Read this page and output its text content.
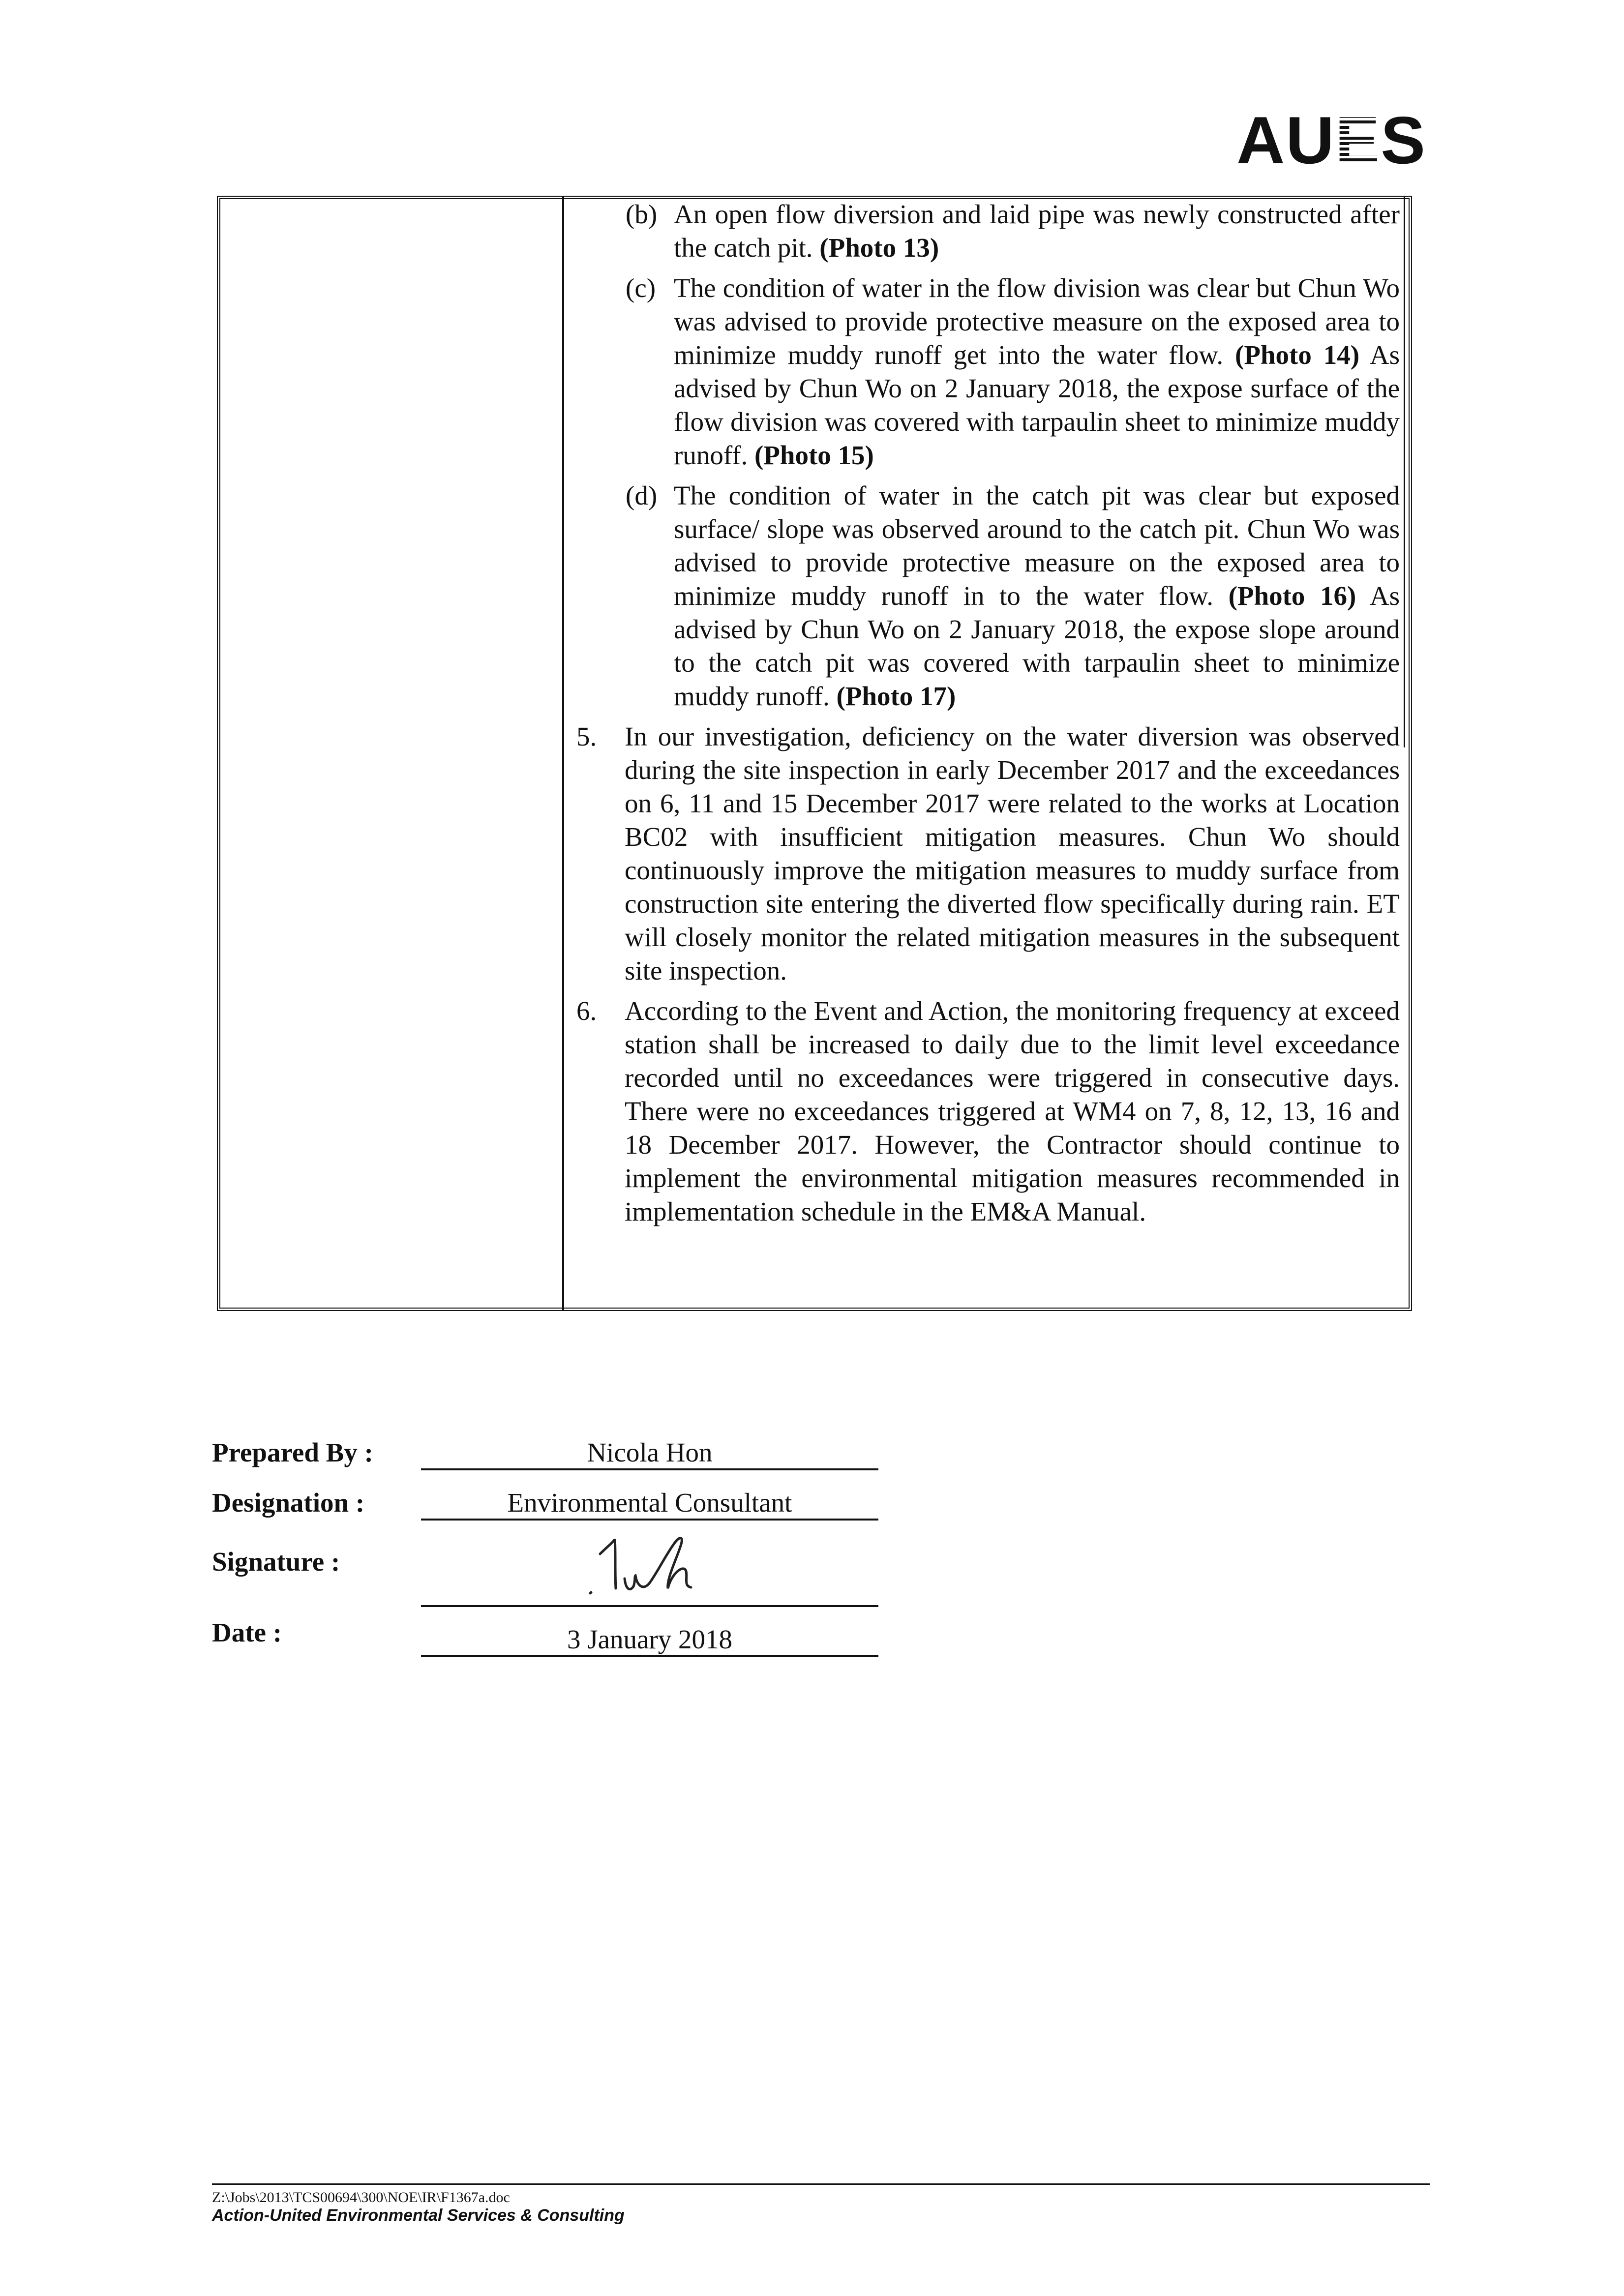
AUES
(b) An open flow diversion and laid pipe was newly constructed after the catch pit. (Photo 13)
(c) The condition of water in the flow division was clear but Chun Wo was advised to provide protective measure on the exposed area to minimize muddy runoff get into the water flow. (Photo 14) As advised by Chun Wo on 2 January 2018, the expose surface of the flow division was covered with tarpaulin sheet to minimize muddy runoff. (Photo 15)
(d) The condition of water in the catch pit was clear but exposed surface/ slope was observed around to the catch pit. Chun Wo was advised to provide protective measure on the exposed area to minimize muddy runoff in to the water flow. (Photo 16) As advised by Chun Wo on 2 January 2018, the expose slope around to the catch pit was covered with tarpaulin sheet to minimize muddy runoff. (Photo 17)
5. In our investigation, deficiency on the water diversion was observed during the site inspection in early December 2017 and the exceedances on 6, 11 and 15 December 2017 were related to the works at Location BC02 with insufficient mitigation measures. Chun Wo should continuously improve the mitigation measures to muddy surface from construction site entering the diverted flow specifically during rain. ET will closely monitor the related mitigation measures in the subsequent site inspection.
6. According to the Event and Action, the monitoring frequency at exceed station shall be increased to daily due to the limit level exceedance recorded until no exceedances were triggered in consecutive days. There were no exceedances triggered at WM4 on 7, 8, 12, 13, 16 and 18 December 2017. However, the Contractor should continue to implement the environmental mitigation measures recommended in implementation schedule in the EM&A Manual.
Prepared By :	Nicola Hon
Designation :	Environmental Consultant
Signature :
Date :	3 January 2018
Z:\Jobs\2013\TCS00694\300\NOE\IR\F1367a.doc
Action-United Environmental Services & Consulting
